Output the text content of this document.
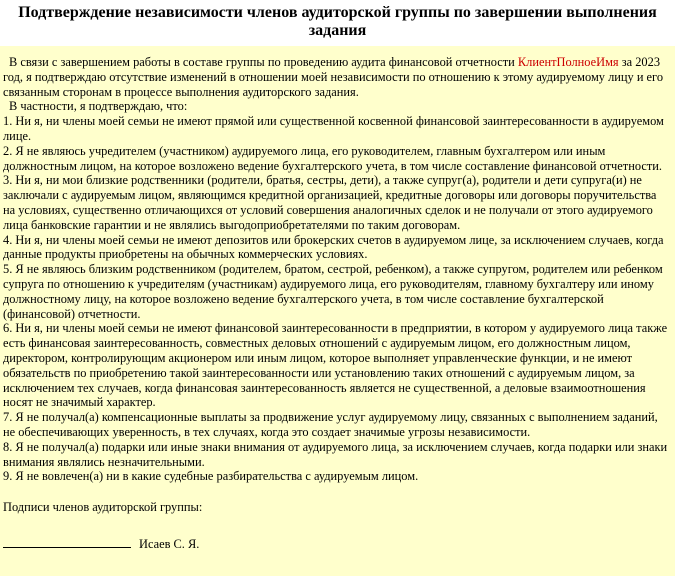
Подтверждение независимости членов аудиторской группы по завершении выполнения задания

В связи с завершением работы в составе группы по проведению аудита финансовой отчетности КлиентПолноеИмя за 2023 год, я подтверждаю отсутствие изменений в отношении моей независимости по отношению к этому аудируемому лицу и его связанным сторонам в процессе выполнения аудиторского задания.

В частности, я подтверждаю, что:

1. Ни я, ни члены моей семьи не имеют прямой или существенной косвенной финансовой заинтересованности в аудируемом лице.

2. Я не являюсь учредителем (участником) аудируемого лица, его руководителем, главным бухгалтером или иным должностным лицом, на которое возложено ведение бухгалтерского учета, в том числе составление финансовой отчетности.

3. Ни я, ни мои близкие родственники (родители, братья, сестры, дети), а также супруг(а), родители и дети супруга(и) не заключали с аудируемым лицом, являющимся кредитной организацией, кредитные договоры или договоры поручительства на условиях, существенно отличающихся от условий совершения аналогичных сделок и не получали от этого аудируемого лица банковские гарантии и не являлись выгодоприобретателями по таким договорам.

4. Ни я, ни члены моей семьи не имеют депозитов или брокерских счетов в аудируемом лице, за исключением случаев, когда данные продукты приобретены на обычных коммерческих условиях.

5. Я не являюсь близким родственником (родителем, братом, сестрой, ребенком), а также супругом, родителем или ребенком супруга по отношению к учредителям (участникам) аудируемого лица, его руководителям, главному бухгалтеру или иному должностному лицу, на которое возложено ведение бухгалтерского учета, в том числе составление бухгалтерской (финансовой) отчетности.

6. Ни я, ни члены моей семьи не имеют финансовой заинтересованности в предприятии, в котором у аудируемого лица также есть финансовая заинтересованность, совместных деловых отношений с аудируемым лицом, его должностным лицом, директором, контролирующим акционером или иным лицом, которое выполняет управленческие функции, и не имеют обязательств по приобретению такой заинтересованности или установлению таких отношений с аудируемым лицом, за исключением тех случаев, когда финансовая заинтересованность является не существенной, а деловые взаимоотношения носят не значимый характер.

7. Я не получал(а) компенсационные выплаты за продвижение услуг аудируемому лицу, связанных с выполнением заданий, не обеспечивающих уверенность, в тех случаях, когда это создает значимые угрозы независимости.

8. Я не получал(а) подарки или иные знаки внимания от аудируемого лица, за исключением случаев, когда подарки или знаки внимания являлись незначительными.

9. Я не вовлечен(а) ни в какие судебные разбирательства с аудируемым лицом.

Подписи членов аудиторской группы:

Исаев С. Я.
